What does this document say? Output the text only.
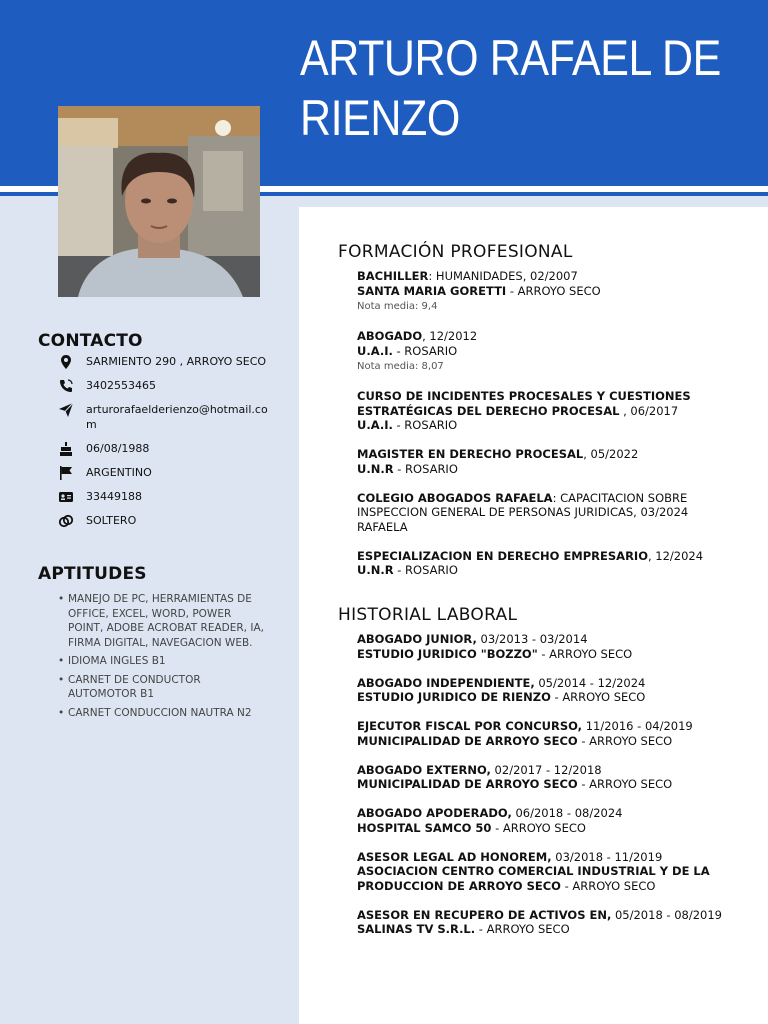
ARTURO RAFAEL DE
RIENZO
CONTACTO
SARMIENTO 290 , ARROYO SECO
3402553465
arturorafaelderienzo@hotmail.com
06/08/1988
ARGENTINO
33449188
SOLTERO
APTITUDES
• MANEJO DE PC, HERRAMIENTAS DE OFFICE, EXCEL, WORD, POWER POINT, ADOBE ACROBAT READER, IA, FIRMA DIGITAL, NAVEGACION WEB.
• IDIOMA INGLES B1
• CARNET DE CONDUCTOR AUTOMOTOR B1
• CARNET CONDUCCION NAUTRA N2
FORMACIÓN PROFESIONAL
BACHILLER: HUMANIDADES, 02/2007
SANTA MARIA GORETTI - ARROYO SECO
Nota media: 9,4
ABOGADO, 12/2012
U.A.I. - ROSARIO
Nota media: 8,07
CURSO DE INCIDENTES PROCESALES Y CUESTIONES ESTRATÉGICAS DEL DERECHO PROCESAL , 06/2017
U.A.I. - ROSARIO
MAGISTER EN DERECHO PROCESAL, 05/2022
U.N.R - ROSARIO
COLEGIO ABOGADOS RAFAELA: CAPACITACION SOBRE INSPECCION GENERAL DE PERSONAS JURIDICAS, 03/2024
RAFAELA
ESPECIALIZACION EN DERECHO EMPRESARIO, 12/2024
U.N.R - ROSARIO
HISTORIAL LABORAL
ABOGADO JUNIOR, 03/2013 - 03/2014
ESTUDIO JURIDICO "BOZZO" - ARROYO SECO
ABOGADO INDEPENDIENTE, 05/2014 - 12/2024
ESTUDIO JURIDICO DE RIENZO - ARROYO SECO
EJECUTOR FISCAL POR CONCURSO, 11/2016 - 04/2019
MUNICIPALIDAD DE ARROYO SECO - ARROYO SECO
ABOGADO EXTERNO, 02/2017 - 12/2018
MUNICIPALIDAD DE ARROYO SECO - ARROYO SECO
ABOGADO APODERADO, 06/2018 - 08/2024
HOSPITAL SAMCO 50 - ARROYO SECO
ASESOR LEGAL AD HONOREM, 03/2018 - 11/2019
ASOCIACION CENTRO COMERCIAL INDUSTRIAL Y DE LA PRODUCCION DE ARROYO SECO - ARROYO SECO
ASESOR EN RECUPERO DE ACTIVOS EN, 05/2018 - 08/2019
SALINAS TV S.R.L. - ARROYO SECO
